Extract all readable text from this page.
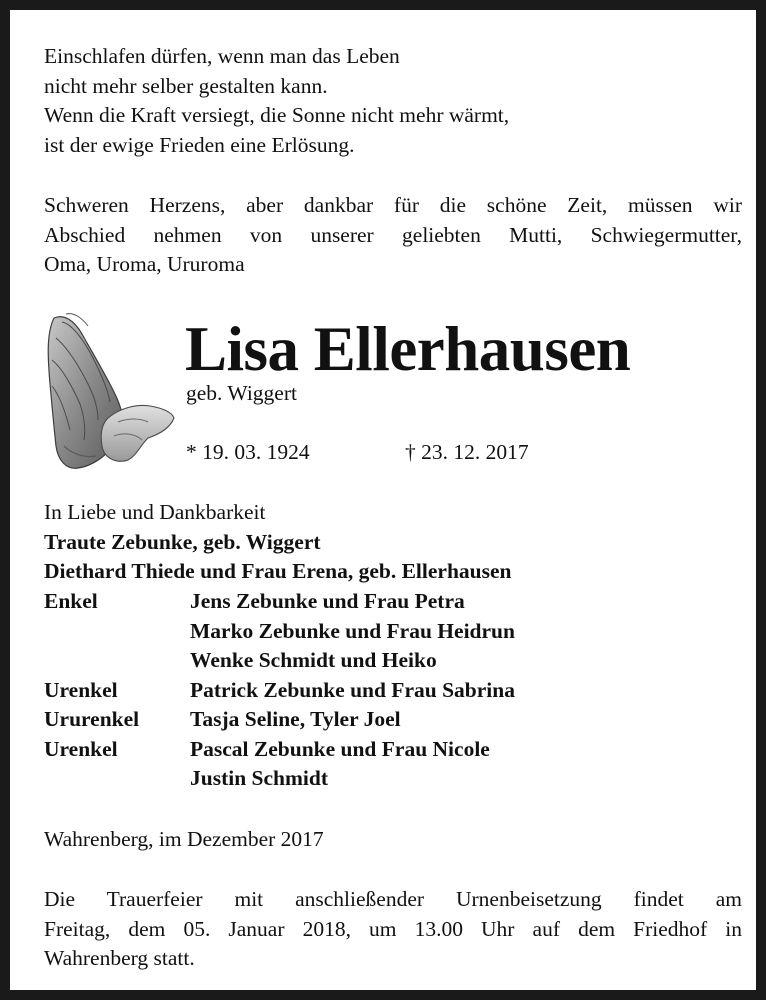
Einschlafen dürfen, wenn man das Leben
nicht mehr selber gestalten kann.
Wenn die Kraft versiegt, die Sonne nicht mehr wärmt,
ist der ewige Frieden eine Erlösung.
Schweren Herzens, aber dankbar für die schöne Zeit, müssen wir
Abschied nehmen von unserer geliebten Mutti, Schwiegermutter,
Oma, Uroma, Ururoma
Lisa Ellerhausen
geb. Wiggert
* 19. 03. 1924	† 23. 12. 2017
In Liebe und Dankbarkeit
Traute Zebunke, geb. Wiggert
Diethard Thiede und Frau Erena, geb. Ellerhausen
Enkel	Jens Zebunke und Frau Petra
Marko Zebunke und Frau Heidrun
Wenke Schmidt und Heiko
Urenkel	Patrick Zebunke und Frau Sabrina
Ururenkel Tasja Seline, Tyler Joel
Urenkel	Pascal Zebunke und Frau Nicole
Justin Schmidt
Wahrenberg, im Dezember 2017
Die Trauerfeier mit anschließender Urnenbeisetzung findet am
Freitag, dem 05. Januar 2018, um 13.00 Uhr auf dem Friedhof in
Wahrenberg statt.
